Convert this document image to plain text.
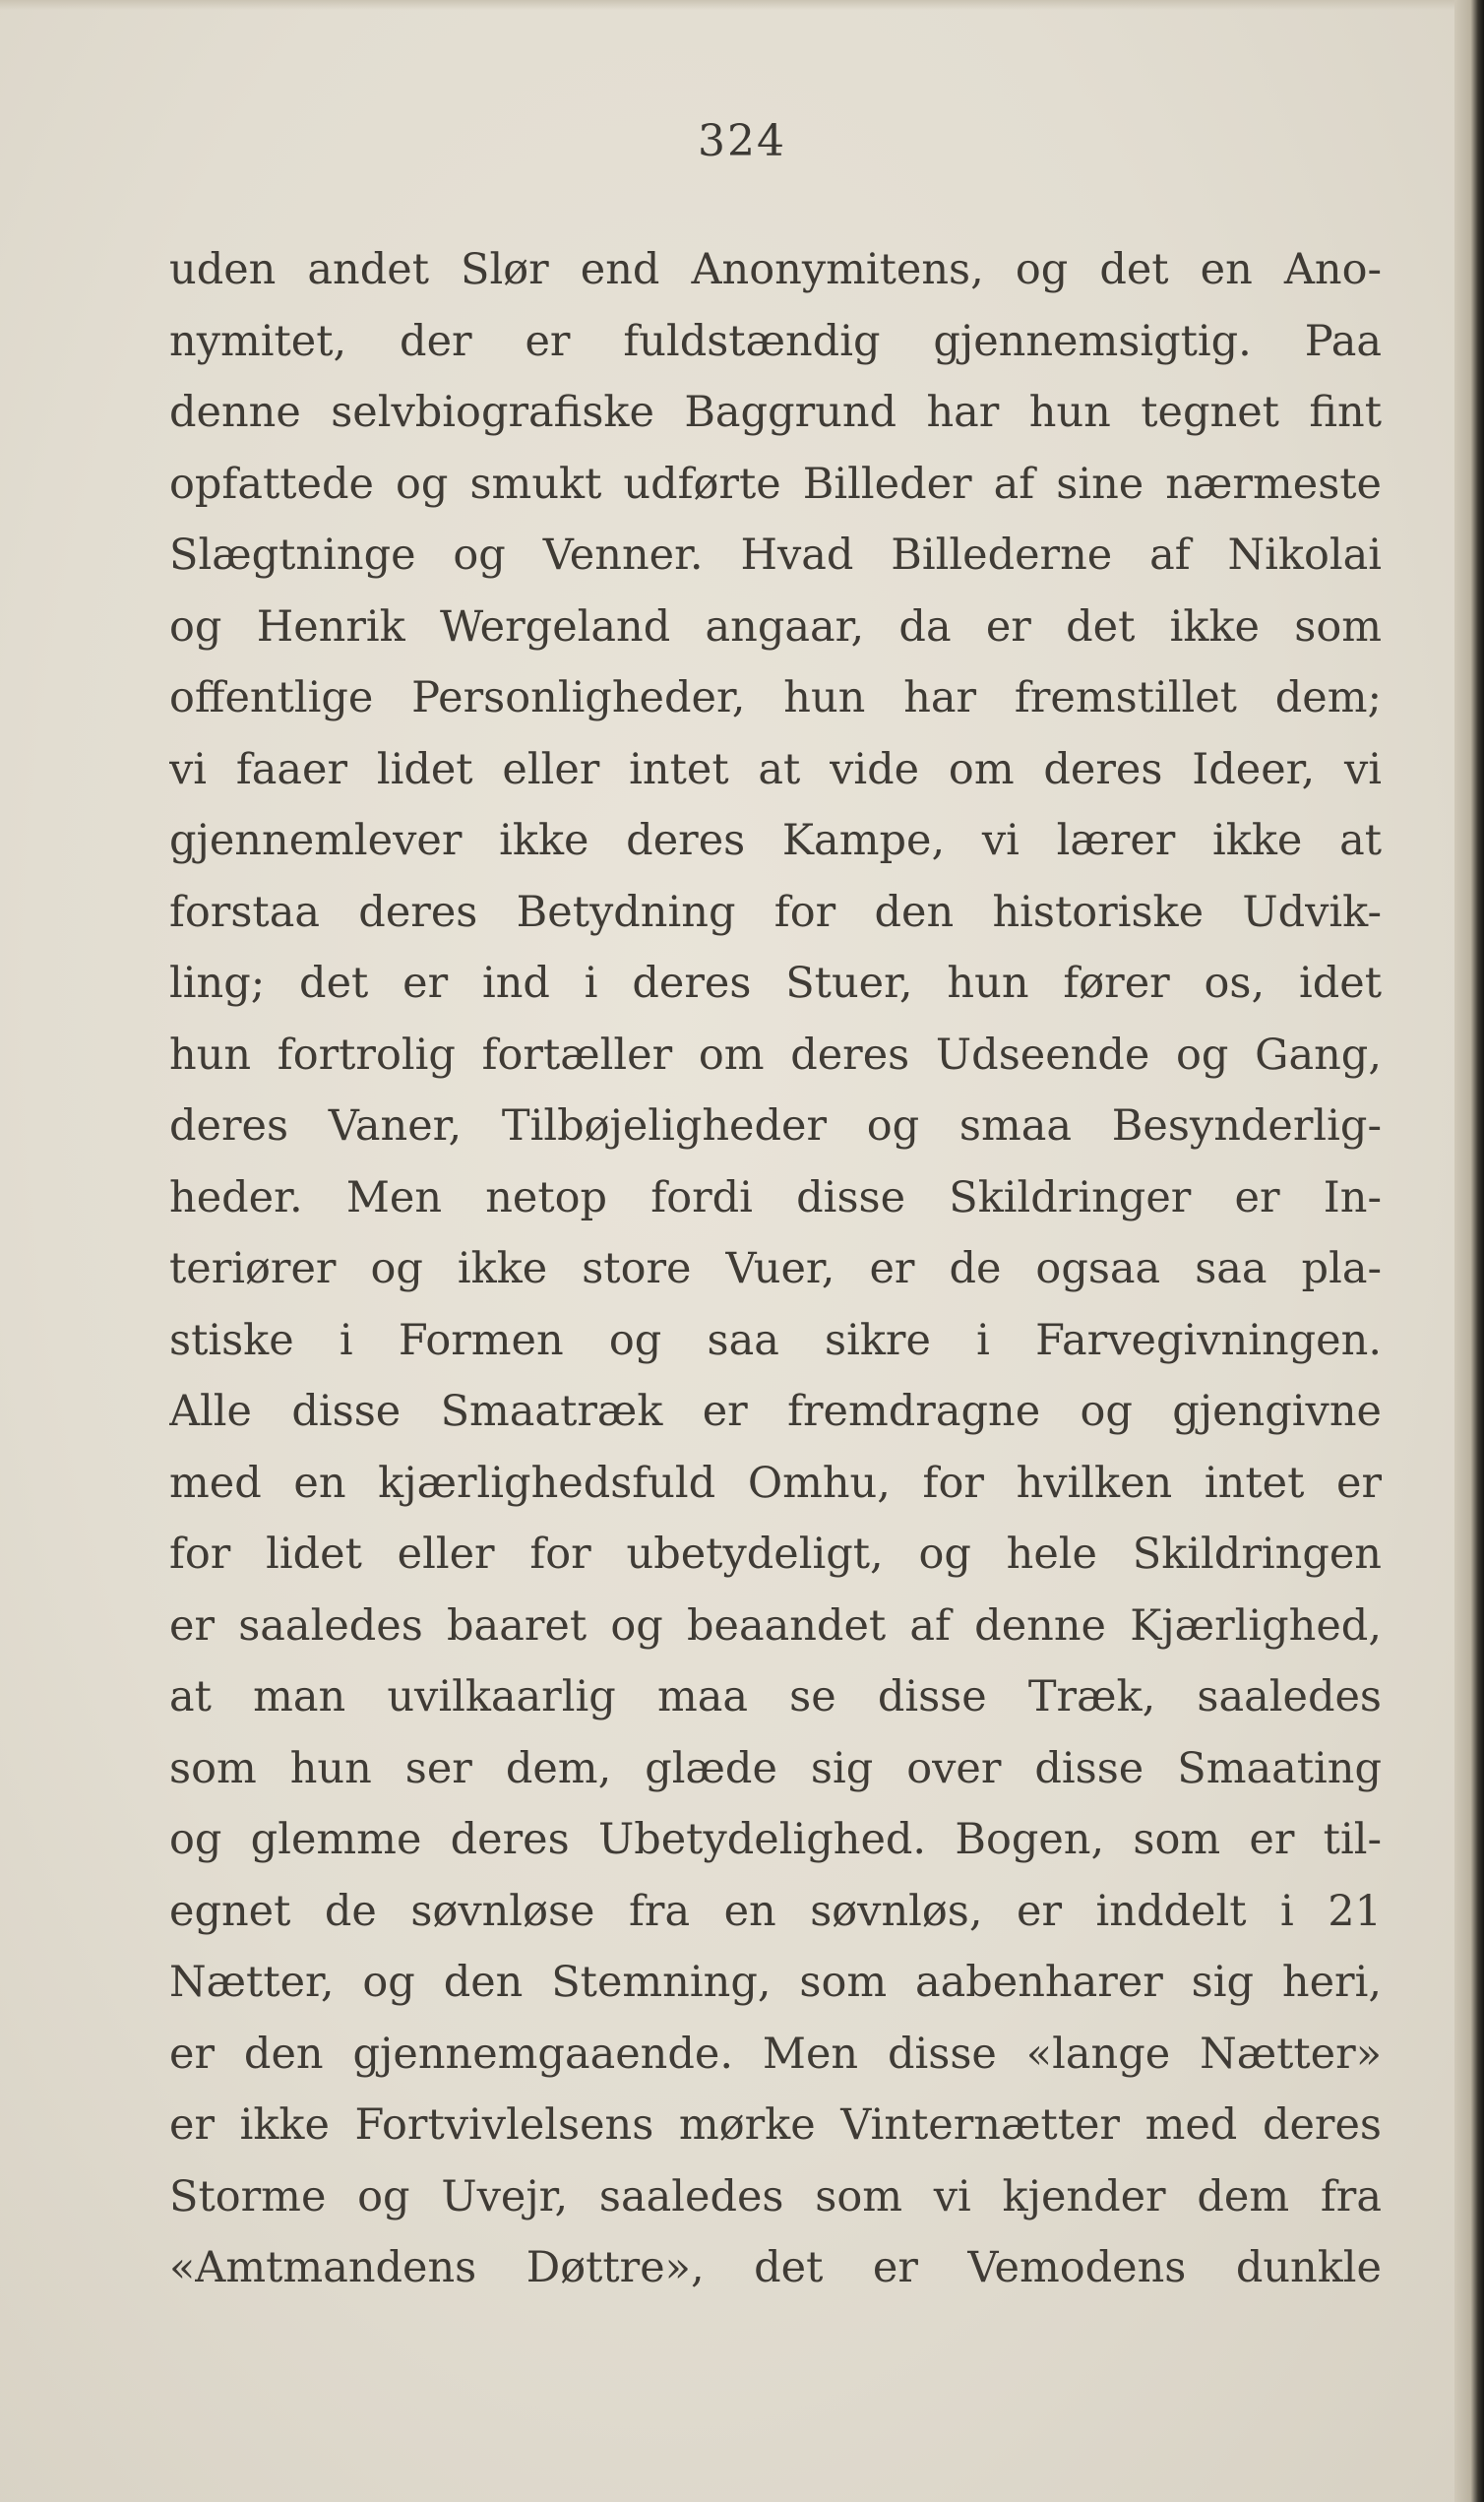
324
uden andet Slør end Anonymitens, og det en Ano-
nymitet, der er fuldstændig gjennemsigtig. Paa
denne selvbiografiske Baggrund har hun tegnet fint
opfattede og smukt udførte Billeder af sine nærmeste
Slægtninge og Venner. Hvad Billederne af Nikolai
og Henrik Wergeland angaar, da er det ikke som
offentlige Personligheder, hun har fremstillet dem;
vi faaer lidet eller intet at vide om deres Ideer, vi
gjennemlever ikke deres Kampe, vi lærer ikke at
forstaa deres Betydning for den historiske Udvik-
ling; det er ind i deres Stuer, hun fører os, idet
hun fortrolig fortæller om deres Udseende og Gang,
deres Vaner, Tilbøjeligheder og smaa Besynderlig-
heder. Men netop fordi disse Skildringer er In-
teriører og ikke store Vuer, er de ogsaa saa pla-
stiske i Formen og saa sikre i Farvegivningen.
Alle disse Smaatræk er fremdragne og gjengivne
med en kjærlighedsfuld Omhu, for hvilken intet er
for lidet eller for ubetydeligt, og hele Skildringen
er saaledes baaret og beaandet af denne Kjærlighed,
at man uvilkaarlig maa se disse Træk, saaledes
som hun ser dem, glæde sig over disse Smaating
og glemme deres Ubetydelighed. Bogen, som er til-
egnet de søvnløse fra en søvnløs, er inddelt i 21
Nætter, og den Stemning, som aabenharer sig heri,
er den gjennemgaaende. Men disse «lange Nætter»
er ikke Fortvivlelsens mørke Vinternætter med deres
Storme og Uvejr, saaledes som vi kjender dem fra
«Amtmandens Døttre», det er Vemodens dunkle
